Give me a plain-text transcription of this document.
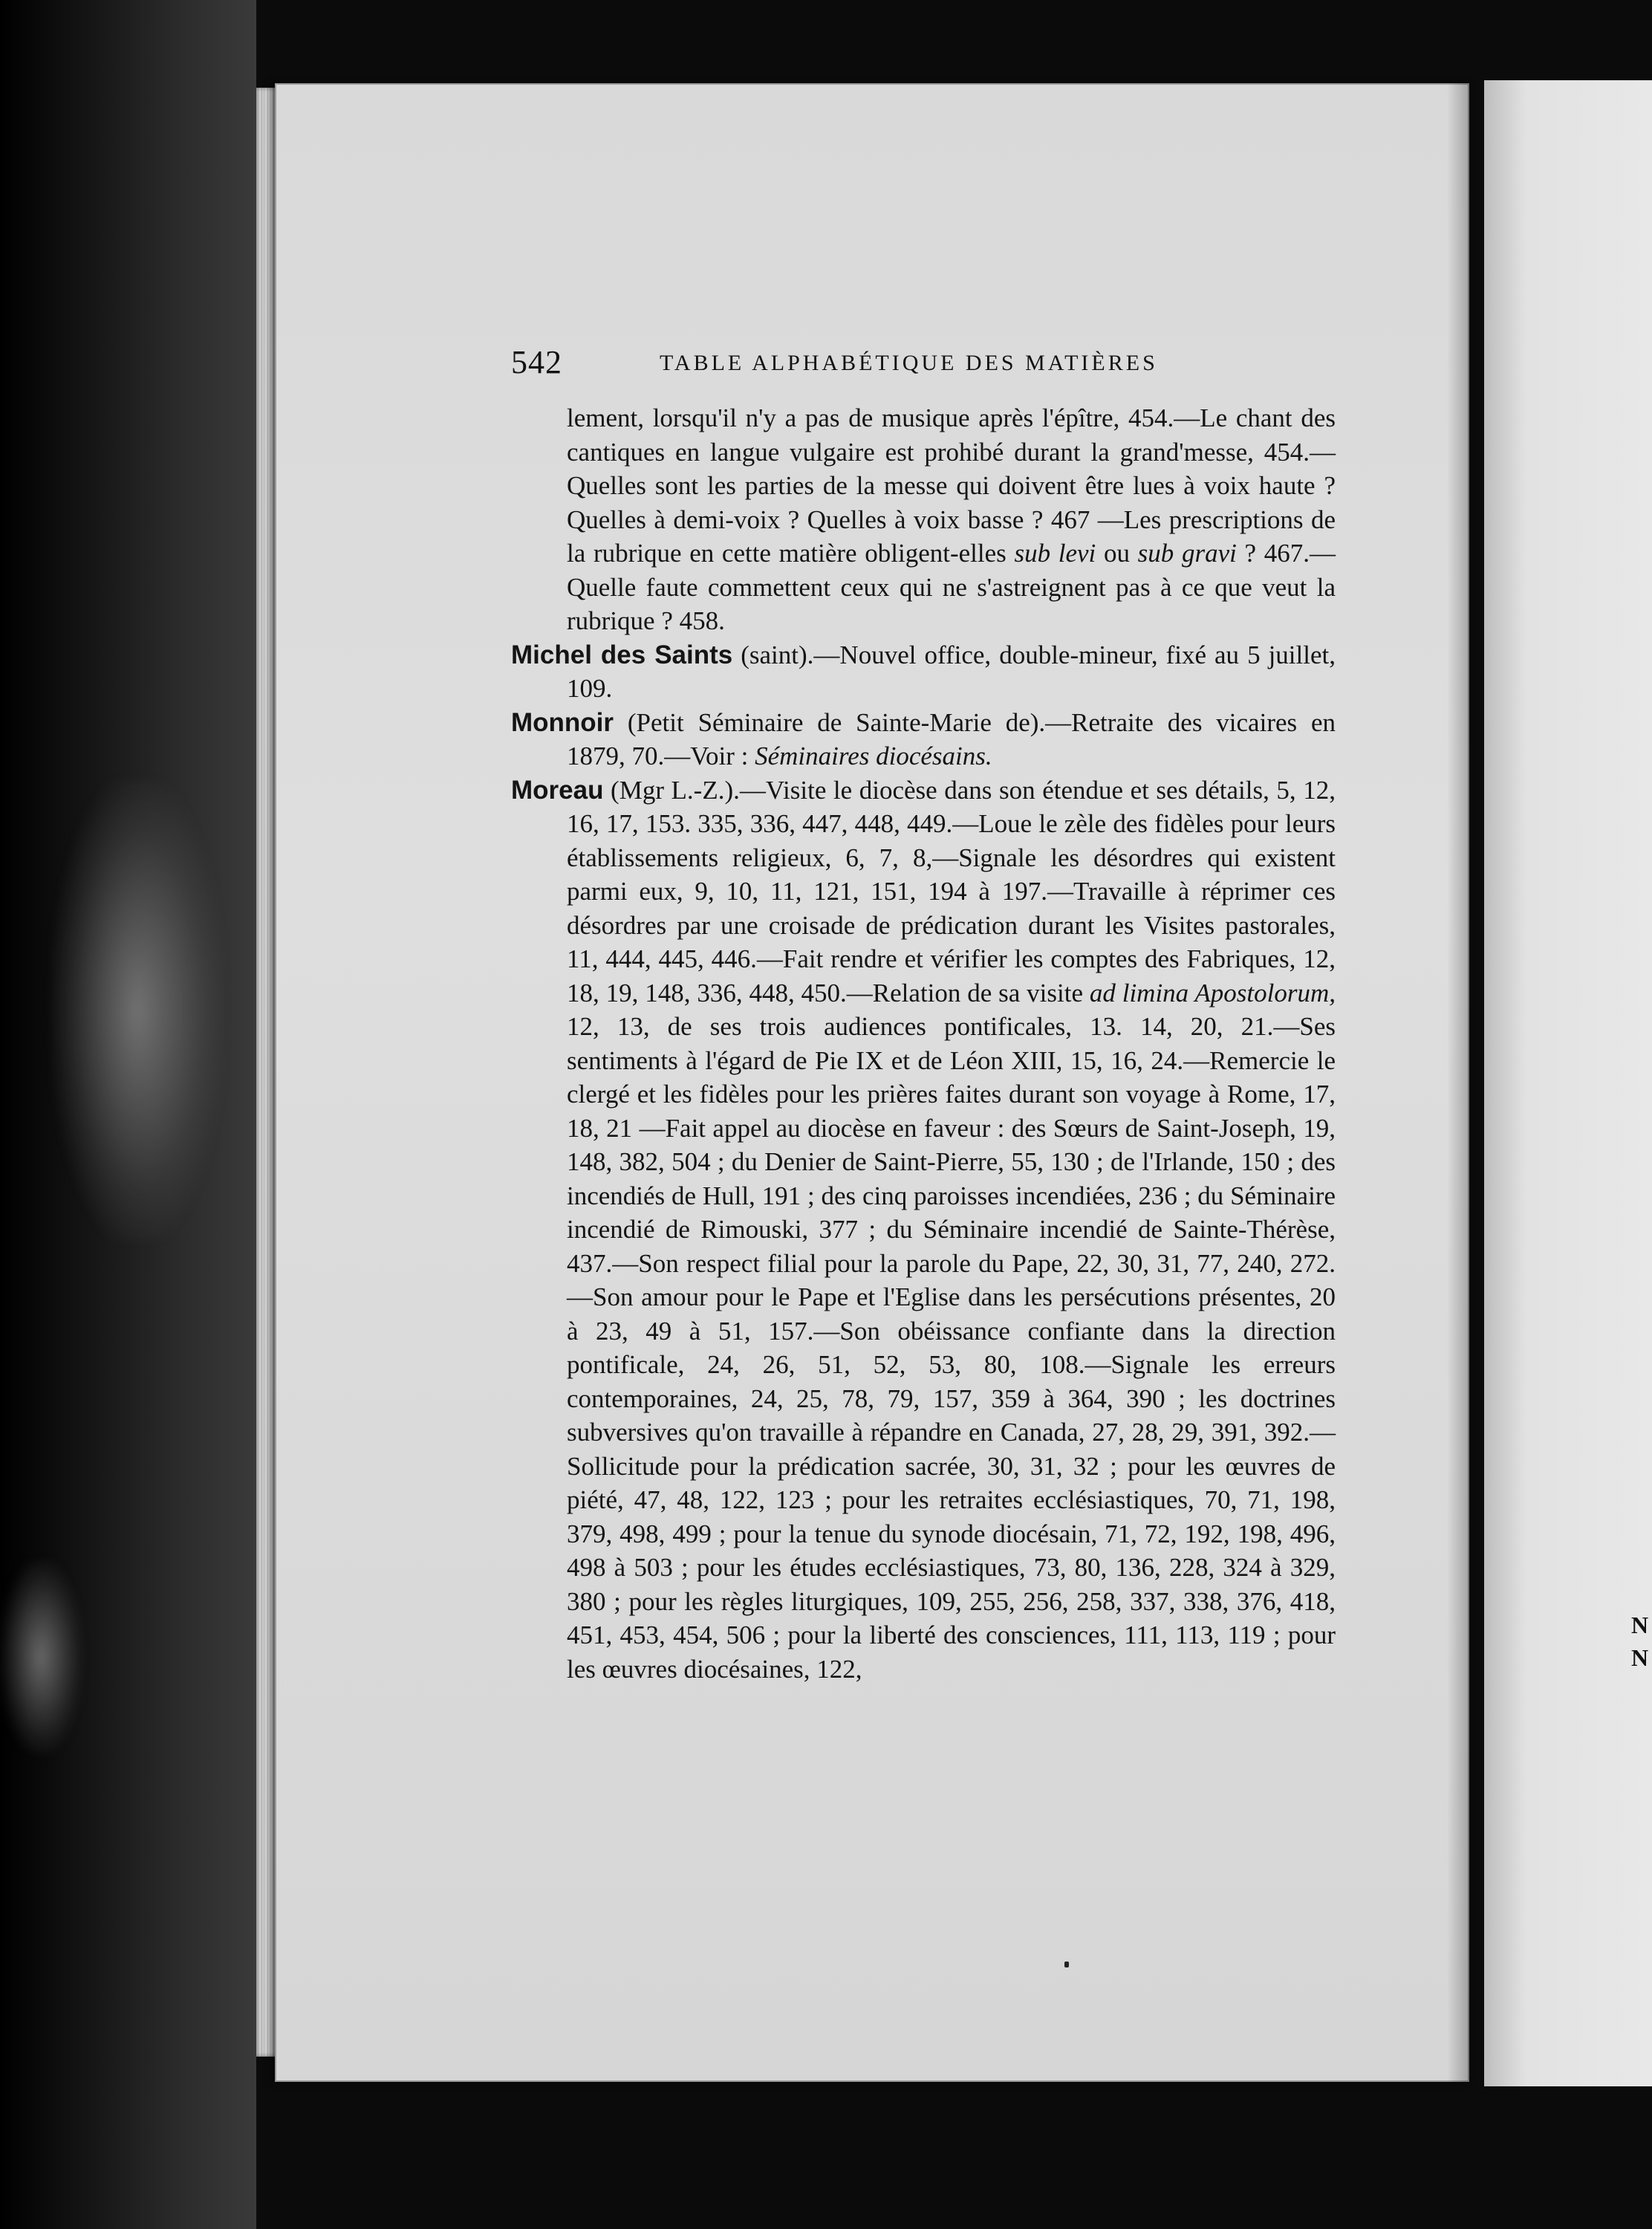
N
N
542	TABLE ALPHABÉTIQUE DES MATIÈRES

lement, lorsqu'il n'y a pas de musique après l'épître, 454.—Le chant des cantiques en langue vulgaire est prohibé durant la grand'messe, 454.—Quelles sont les parties de la messe qui doivent être lues à voix haute ? Quelles à demi-voix ? Quelles à voix basse ? 467 —Les prescriptions de la rubrique en cette matière obligent-elles sub levi ou sub gravi ? 467.—Quelle faute commettent ceux qui ne s'astreignent pas à ce que veut la rubrique ? 458.

Michel des Saints (saint).—Nouvel office, double-mineur, fixé au 5 juillet, 109.

Monnoir (Petit Séminaire de Sainte-Marie de).—Retraite des vicaires en 1879, 70.—Voir : Séminaires diocésains.

Moreau (Mgr L.-Z.).—Visite le diocèse dans son étendue et ses détails, 5, 12, 16, 17, 153. 335, 336, 447, 448, 449.—Loue le zèle des fidèles pour leurs établissements religieux, 6, 7, 8,—Signale les désordres qui existent parmi eux, 9, 10, 11, 121, 151, 194 à 197.—Travaille à réprimer ces désordres par une croisade de prédication durant les Visites pastorales, 11, 444, 445, 446.—Fait rendre et vérifier les comptes des Fabriques, 12, 18, 19, 148, 336, 448, 450.—Relation de sa visite ad limina Apostolorum, 12, 13, de ses trois audiences pontificales, 13. 14, 20, 21.—Ses sentiments à l'égard de Pie IX et de Léon XIII, 15, 16, 24.—Remercie le clergé et les fidèles pour les prières faites durant son voyage à Rome, 17, 18, 21 —Fait appel au diocèse en faveur : des Sœurs de Saint-Joseph, 19, 148, 382, 504 ; du Denier de Saint-Pierre, 55, 130 ; de l'Irlande, 150 ; des incendiés de Hull, 191 ; des cinq paroisses incendiées, 236 ; du Séminaire incendié de Rimouski, 377 ; du Séminaire incendié de Sainte-Thérèse, 437.—Son respect filial pour la parole du Pape, 22, 30, 31, 77, 240, 272.—Son amour pour le Pape et l'Eglise dans les persécutions présentes, 20 à 23, 49 à 51, 157.—Son obéissance confiante dans la direction pontificale, 24, 26, 51, 52, 53, 80, 108.—Signale les erreurs contemporaines, 24, 25, 78, 79, 157, 359 à 364, 390 ; les doctrines subversives qu'on travaille à répandre en Canada, 27, 28, 29, 391, 392.—Sollicitude pour la prédication sacrée, 30, 31, 32 ; pour les œuvres de piété, 47, 48, 122, 123 ; pour les retraites ecclésiastiques, 70, 71, 198, 379, 498, 499 ; pour la tenue du synode diocésain, 71, 72, 192, 198, 496, 498 à 503 ; pour les études ecclésiastiques, 73, 80, 136, 228, 324 à 329, 380 ; pour les règles liturgiques, 109, 255, 256, 258, 337, 338, 376, 418, 451, 453, 454, 506 ; pour la liberté des consciences, 111, 113, 119 ; pour les œuvres diocésaines, 122,
